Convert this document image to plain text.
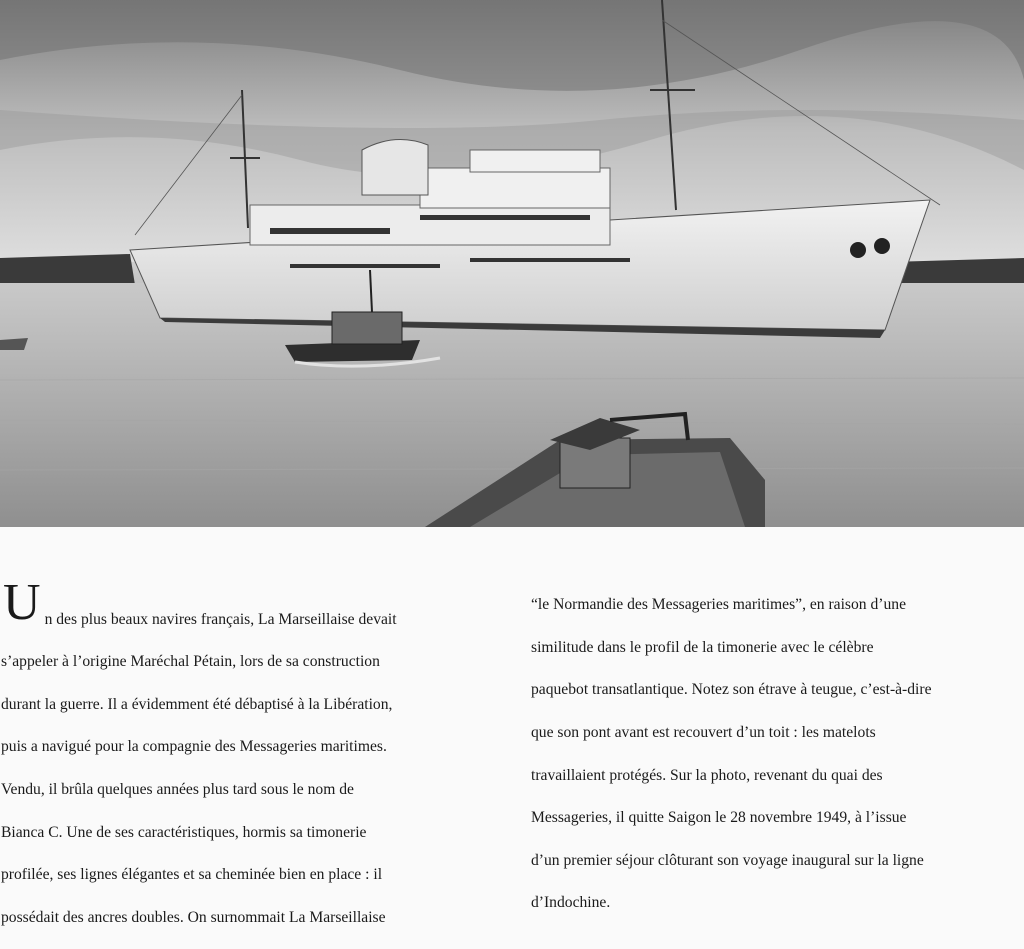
U n des plus beaux navires français, La Marseillaise devait

s’appeler à l’origine Maréchal Pétain, lors de sa construction

durant la guerre. Il a évidemment été débaptisé à la Libération,

puis a navigué pour la compagnie des Messageries maritimes.

Vendu, il brûla quelques années plus tard sous le nom de

Bianca C. Une de ses caractéristiques, hormis sa timonerie

profilée, ses lignes élégantes et sa cheminée bien en place : il

possédait des ancres doubles. On surnommait La Marseillaise

“le Normandie des Messageries maritimes”, en raison d’une

similitude dans le profil de la timonerie avec le célèbre

paquebot transatlantique. Notez son étrave à teugue, c’est-à-dire

que son pont avant est recouvert d’un toit : les matelots

travaillaient protégés. Sur la photo, revenant du quai des

Messageries, il quitte Saigon le 28 novembre 1949, à l’issue

d’un premier séjour clôturant son voyage inaugural sur la ligne

d’Indochine.
